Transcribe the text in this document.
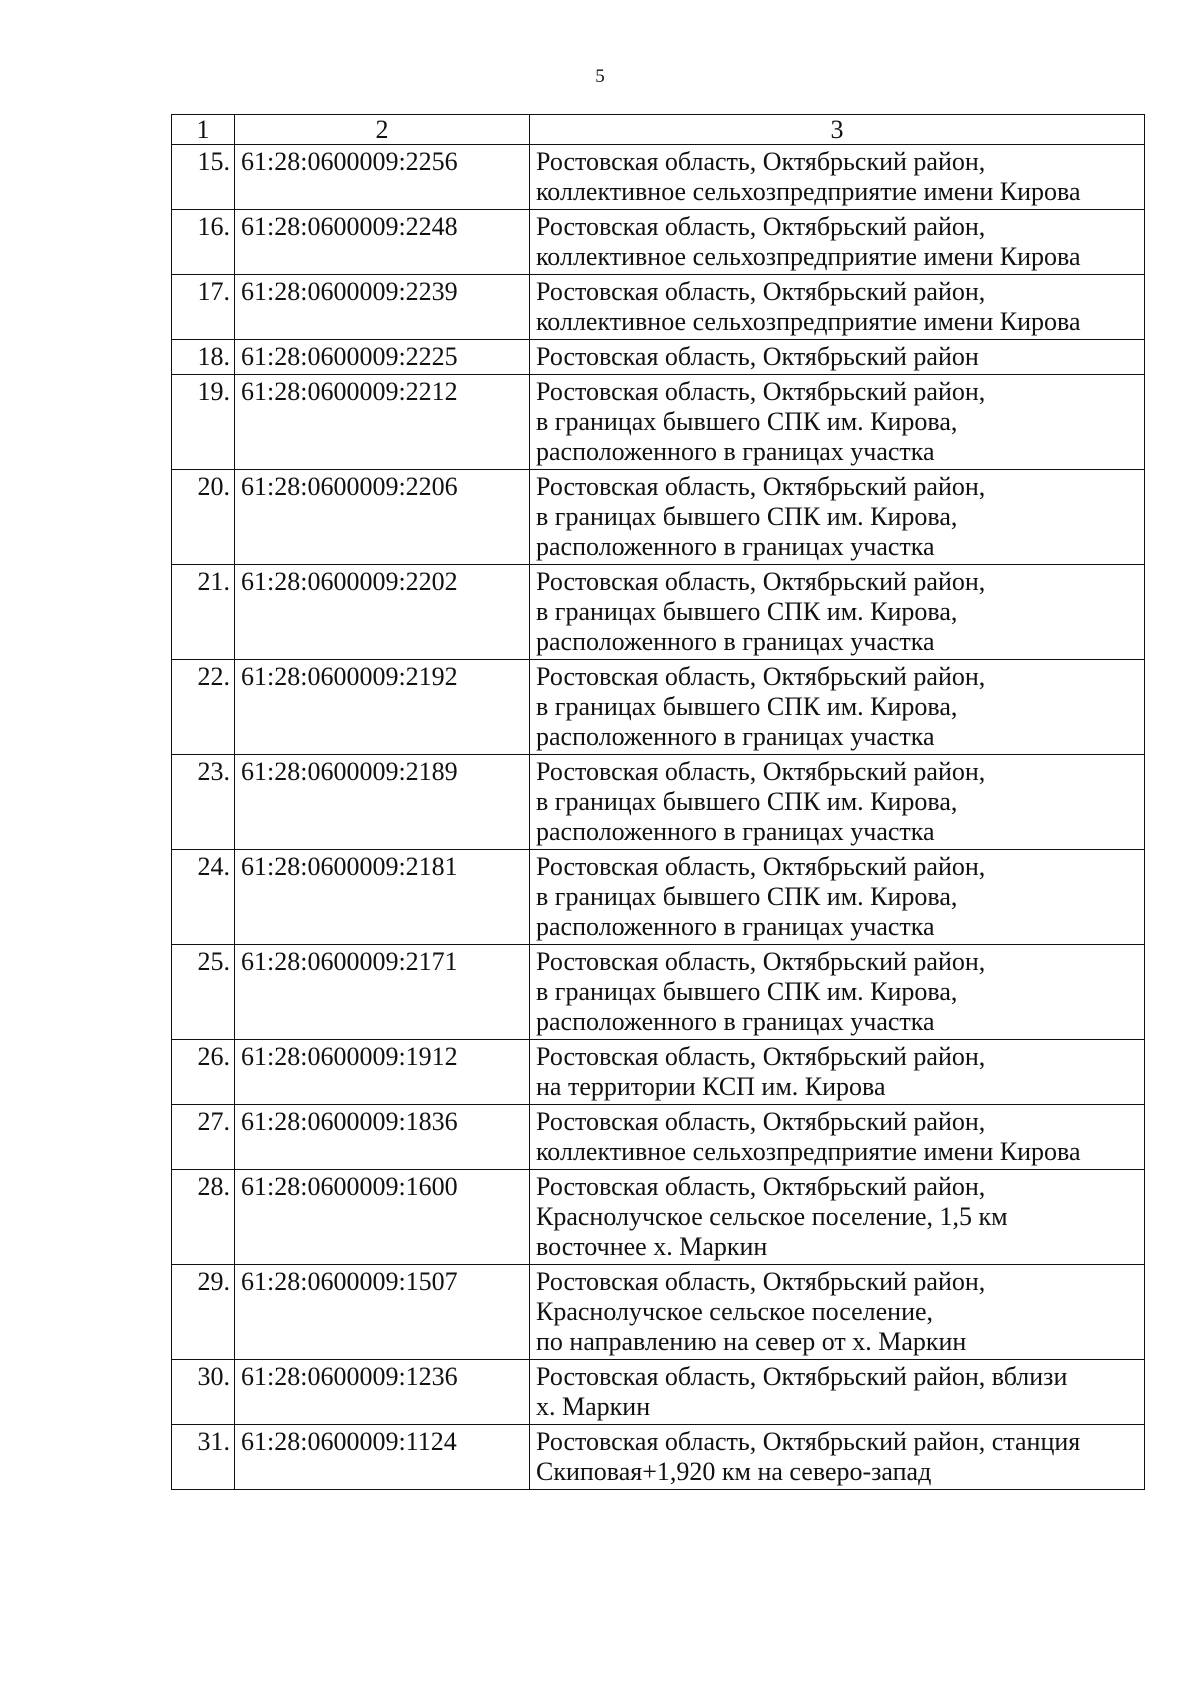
5
1	2	3
15.	61:28:0600009:2256	Ростовская область, Октябрьский район,
коллективное сельхозпредприятие имени Кирова
16.	61:28:0600009:2248	Ростовская область, Октябрьский район,
коллективное сельхозпредприятие имени Кирова
17.	61:28:0600009:2239	Ростовская область, Октябрьский район,
коллективное сельхозпредприятие имени Кирова
18.	61:28:0600009:2225	Ростовская область, Октябрьский район
19.	61:28:0600009:2212	Ростовская область, Октябрьский район,
в границах бывшего СПК им. Кирова,
расположенного в границах участка
20.	61:28:0600009:2206	Ростовская область, Октябрьский район,
в границах бывшего СПК им. Кирова,
расположенного в границах участка
21.	61:28:0600009:2202	Ростовская область, Октябрьский район,
в границах бывшего СПК им. Кирова,
расположенного в границах участка
22.	61:28:0600009:2192	Ростовская область, Октябрьский район,
в границах бывшего СПК им. Кирова,
расположенного в границах участка
23.	61:28:0600009:2189	Ростовская область, Октябрьский район,
в границах бывшего СПК им. Кирова,
расположенного в границах участка
24.	61:28:0600009:2181	Ростовская область, Октябрьский район,
в границах бывшего СПК им. Кирова,
расположенного в границах участка
25.	61:28:0600009:2171	Ростовская область, Октябрьский район,
в границах бывшего СПК им. Кирова,
расположенного в границах участка
26.	61:28:0600009:1912	Ростовская область, Октябрьский район,
на территории КСП им. Кирова
27.	61:28:0600009:1836	Ростовская область, Октябрьский район,
коллективное сельхозпредприятие имени Кирова
28.	61:28:0600009:1600	Ростовская область, Октябрьский район,
Краснолучское сельское поселение, 1,5 км
восточнее х. Маркин
29.	61:28:0600009:1507	Ростовская область, Октябрьский район,
Краснолучское сельское поселение,
по направлению на север от х. Маркин
30.	61:28:0600009:1236	Ростовская область, Октябрьский район, вблизи
х. Маркин
31.	61:28:0600009:1124	Ростовская область, Октябрьский район, станция
Скиповая+1,920 км на северо-запад
